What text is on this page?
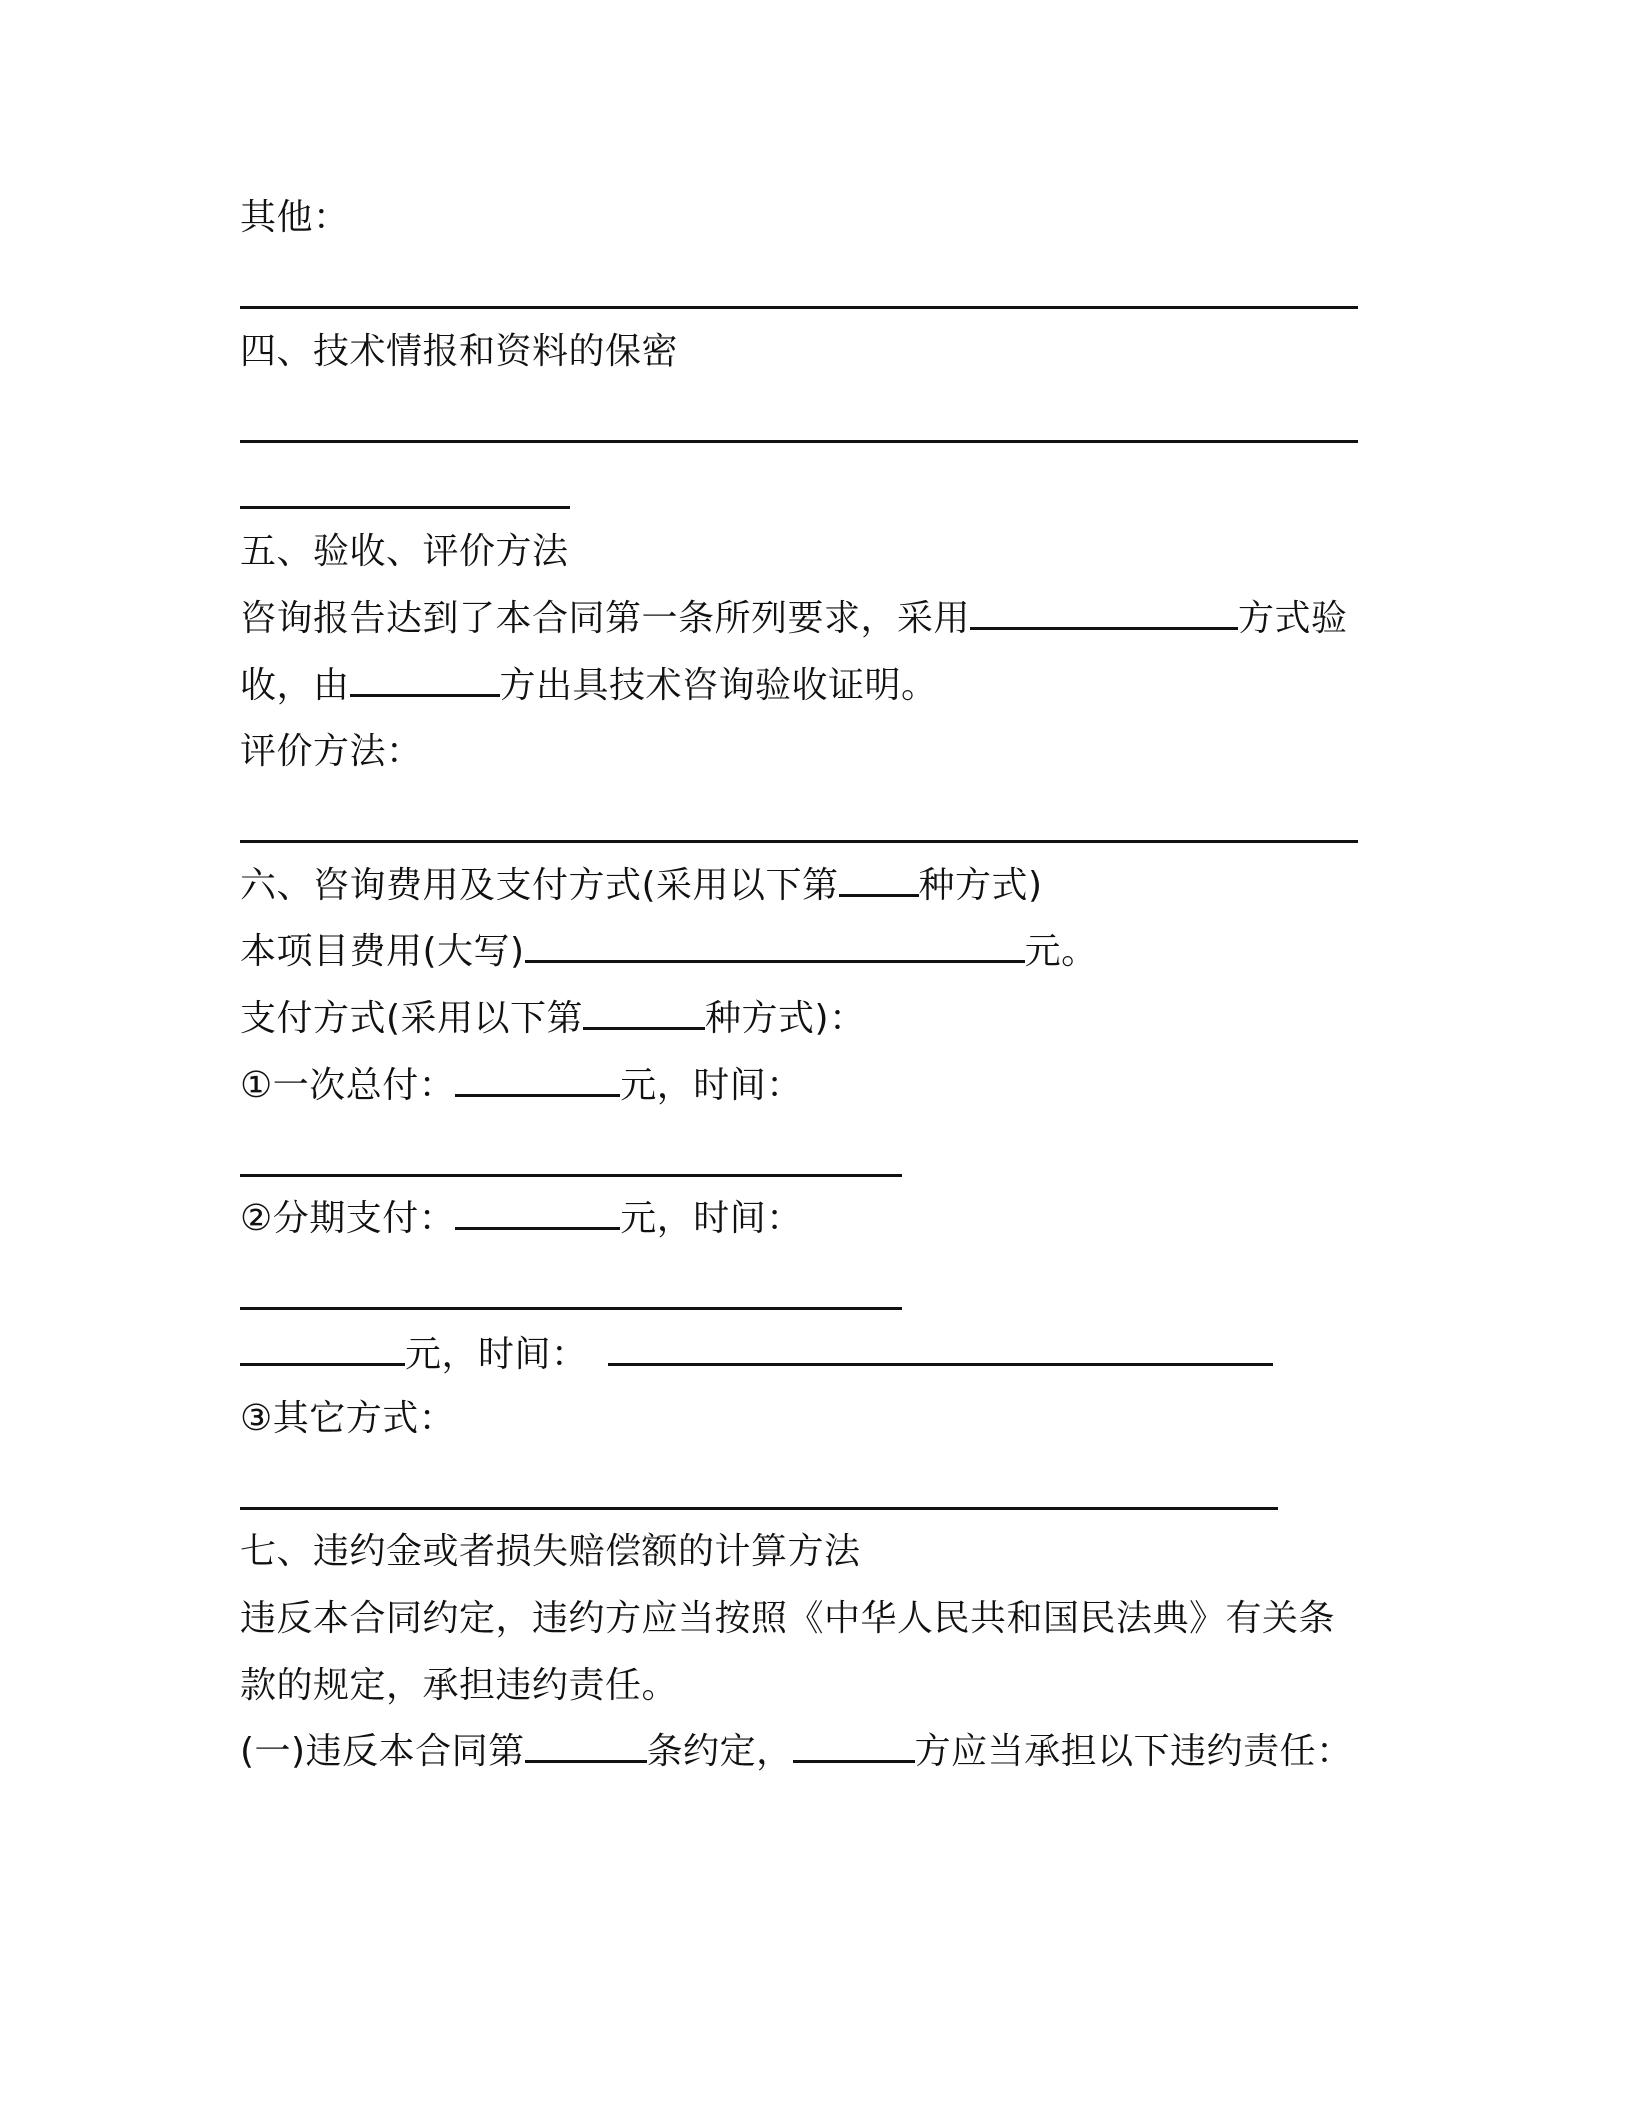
其他：
四、技术情报和资料的保密
五、验收、评价方法
咨询报告达到了本合同第一条所列要求，采用	方式验
收，由	方出具技术咨询验收证明。
评价方法：
六、咨询费用及支付方式(采用以下第 种方式)
本项目费用(大写)	元。
支付方式(采用以下第	种方式)：
①一次总付：	元，时间：
②分期支付：	元，时间：
元，时间：
③其它方式：
七、违约金或者损失赔偿额的计算方法
违反本合同约定，违约方应当按照《中华人民共和国民法典》有关条
款的规定，承担违约责任。
(一)违反本合同第	条约定，	方应当承担以下违约责任：
